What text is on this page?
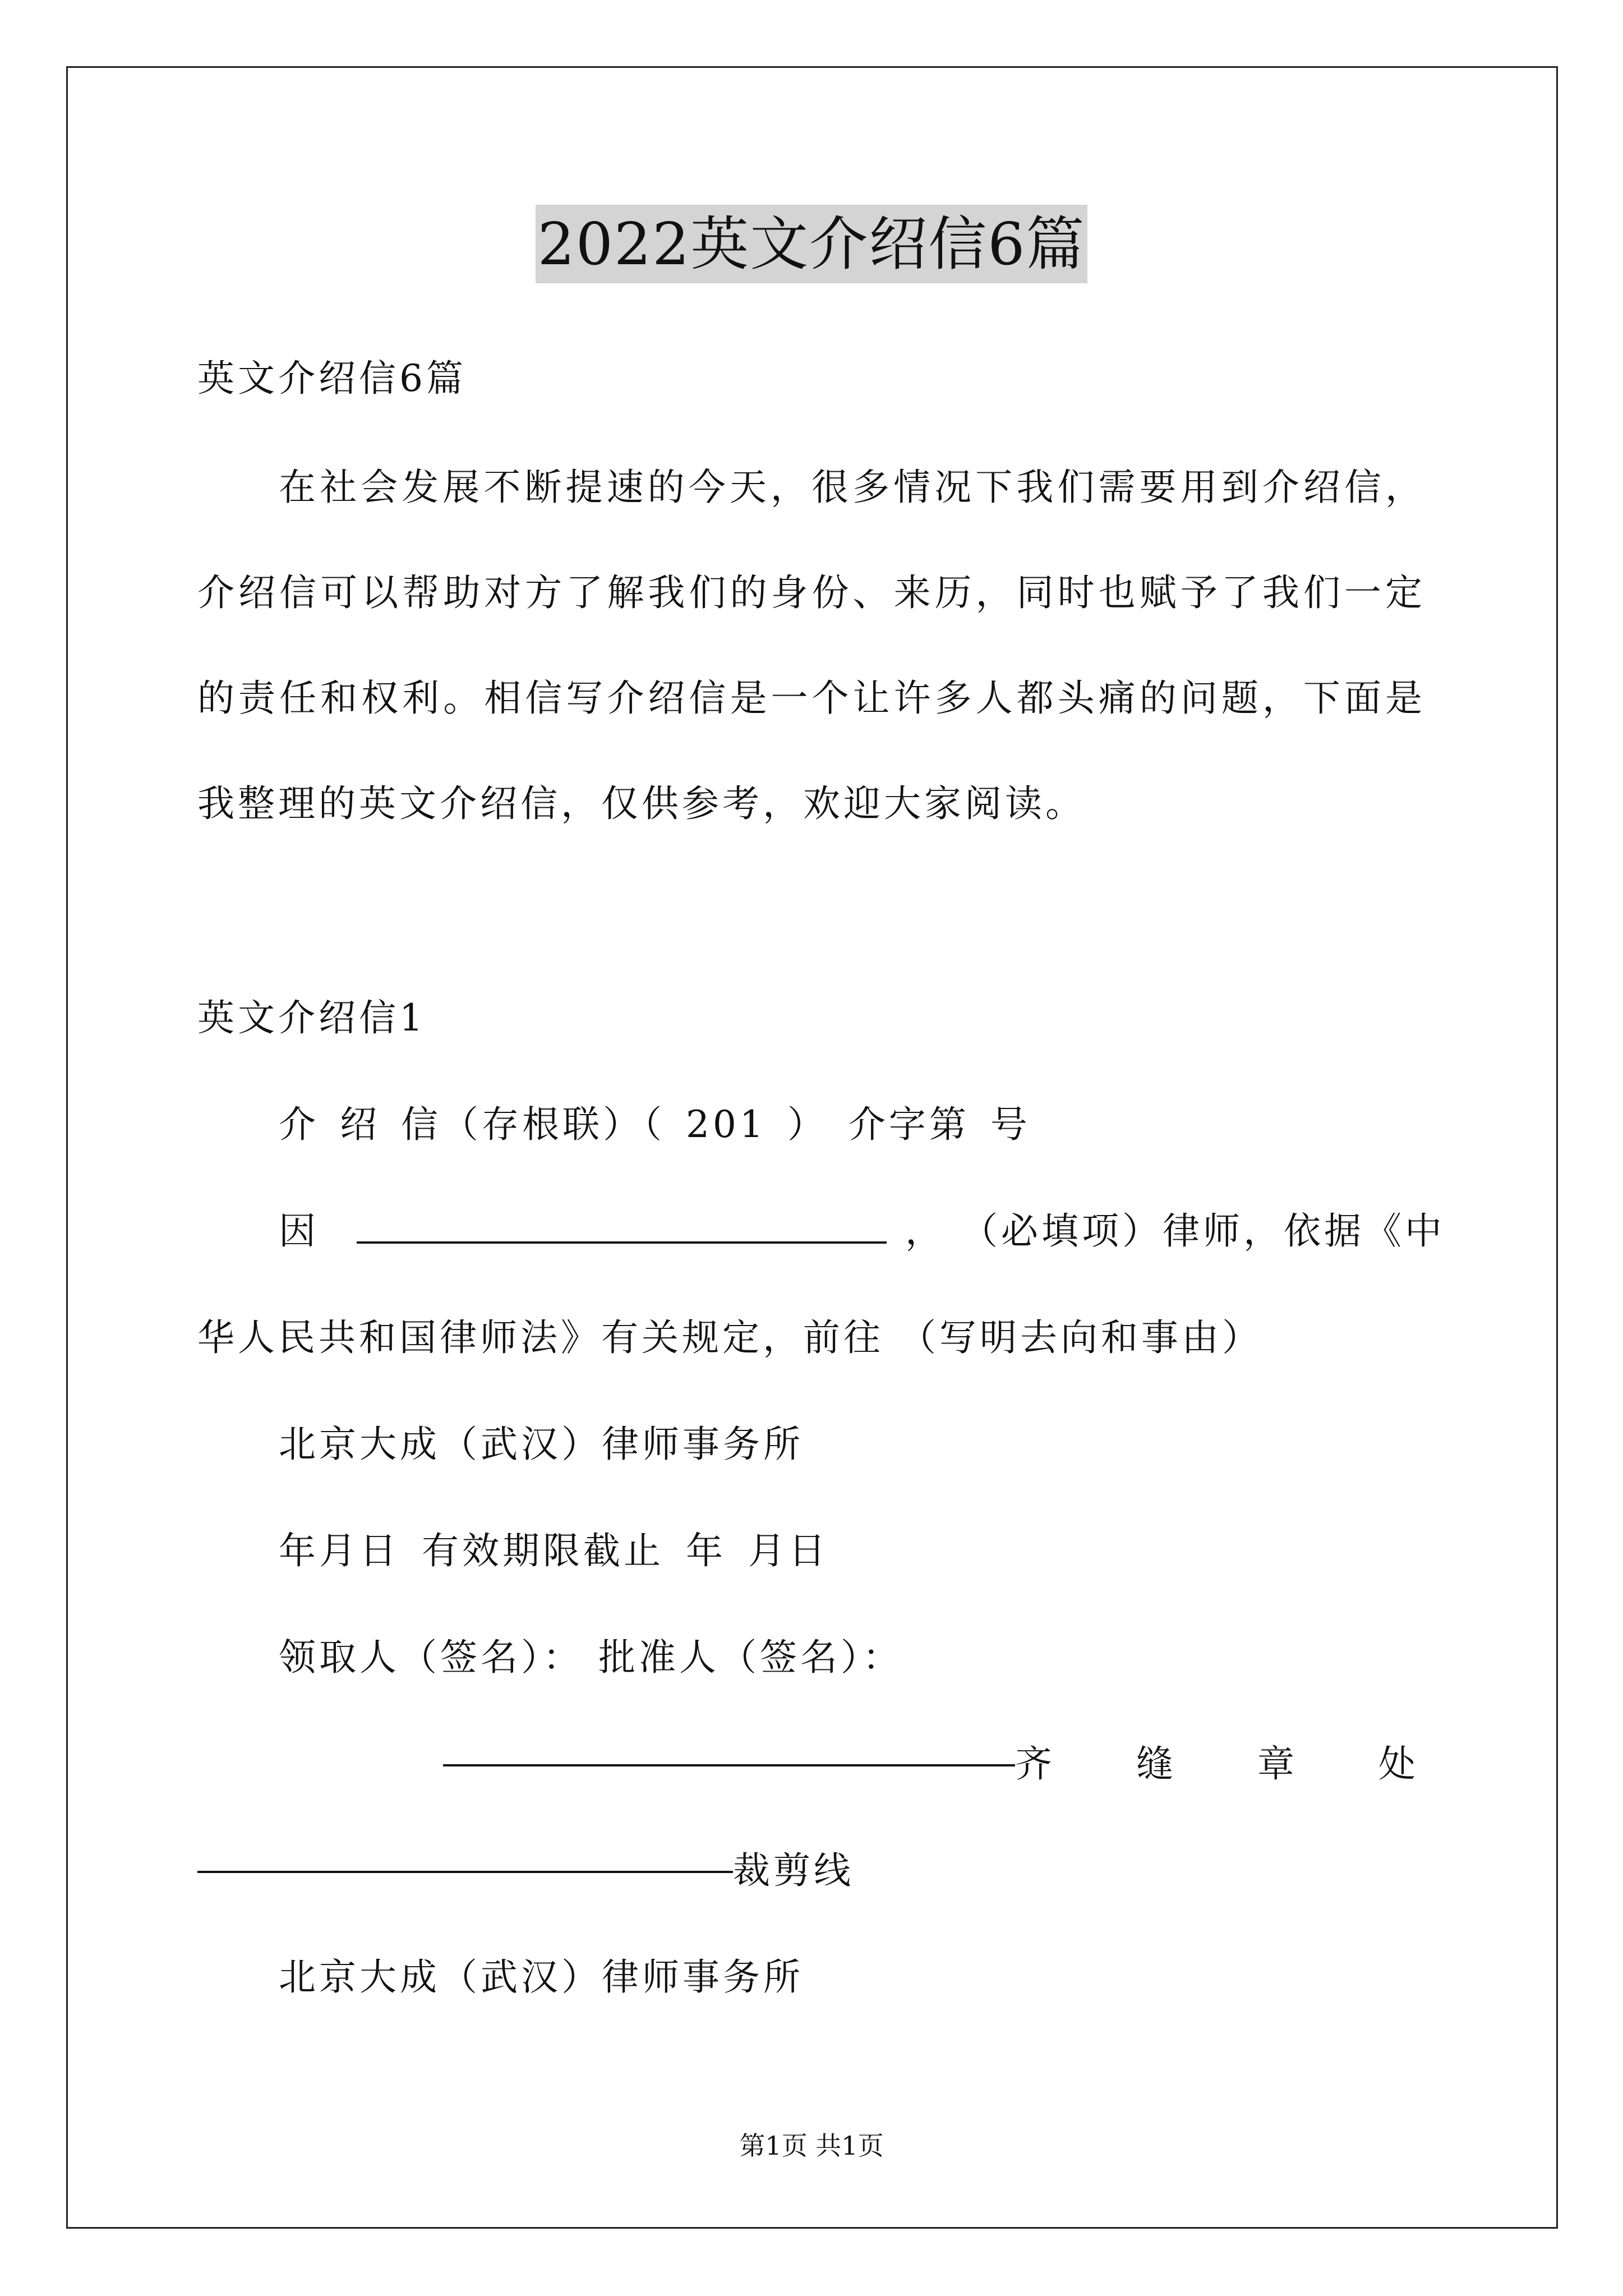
2022英文介绍信6篇
英文介绍信6篇
在社会发展不断提速的今天，很多情况下我们需要用到介绍信，
介绍信可以帮助对方了解我们的身份、来历，同时也赋予了我们一定
的责任和权利。相信写介绍信是一个让许多人都头痛的问题，下面是
我整理的英文介绍信，仅供参考，欢迎大家阅读。
英文介绍信1
介 绍 信（存根联）（ 201 ） 介字第 号
因	， （必填项）律师，依据《中
华人民共和国律师法》有关规定，前往 （写明去向和事由）
北京大成（武汉）律师事务所
年月日 有效期限截止 年 月日
领取人（签名）： 批准人（签名）：
齐 缝 章 处
裁剪线
北京大成（武汉）律师事务所
第1页 共1页
